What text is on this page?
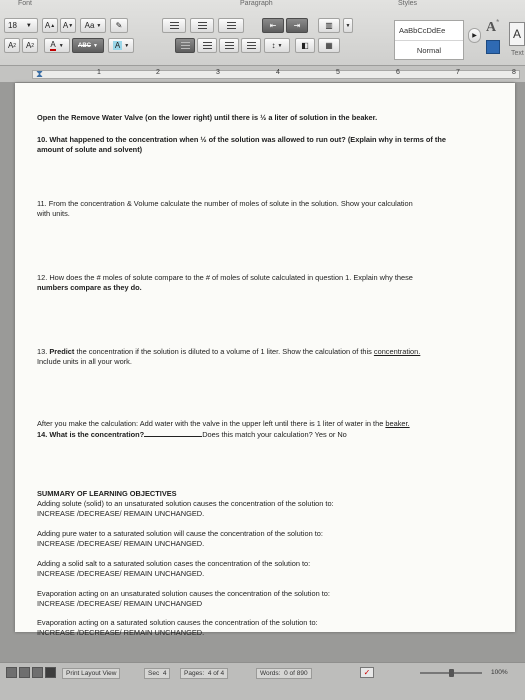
Font	Paragraph	Styles
18 ▼ A ▲ A ▼ Aa ▼ ✎
A 2 A 2 A ▼ ABC ▼ A ▼
⇤ ⇥	▥	▼
↕ ▼ ◧ ▦
AaBbCcDdEe
Normal
▶
A*
A
Text
⧗	1	2	3	4	5	6	7	8
Open the Remove Water Valve (on the lower right) until there is ½ a liter of solution in the beaker.
10. What happened to the concentration when ½ of the solution was allowed to run out? (Explain why in terms of the
amount of solute and solvent)
11. From the concentration & Volume calculate the number of moles of solute in the solution. Show your calculation
with units.
12. How does the # moles of solute compare to the # of moles of solute calculated in question 1. Explain why these
numbers compare as they do.
13. Predict the concentration if the solution is diluted to a volume of 1 liter. Show the calculation of this concentration.
Include units in all your work.
After you make the calculation: Add water with the valve in the upper left until there is 1 liter of water in the beaker.
14. What is the concentration?	Does this match your calculation? Yes or No
SUMMARY OF LEARNING OBJECTIVES
Adding solute (solid) to an unsaturated solution causes the concentration of the solution to:
INCREASE /DECREASE/ REMAIN UNCHANGED.
Adding pure water to a saturated solution will cause the concentration of the solution to:
INCREASE /DECREASE/ REMAIN UNCHANGED.
Adding a solid salt to a saturated solution cases the concentration of the solution to:
INCREASE /DECREASE/ REMAIN UNCHANGED.
Evaporation acting on an unsaturated solution causes the concentration of the solution to:
INCREASE /DECREASE/ REMAIN UNCHANGED
Evaporation acting on a saturated solution causes the concentration of the solution to:
INCREASE /DECREASE/ REMAIN UNCHANGED.
Print Layout View	Sec 4	Pages: 4 of 4	Words: 0 of 890	✓	100%
